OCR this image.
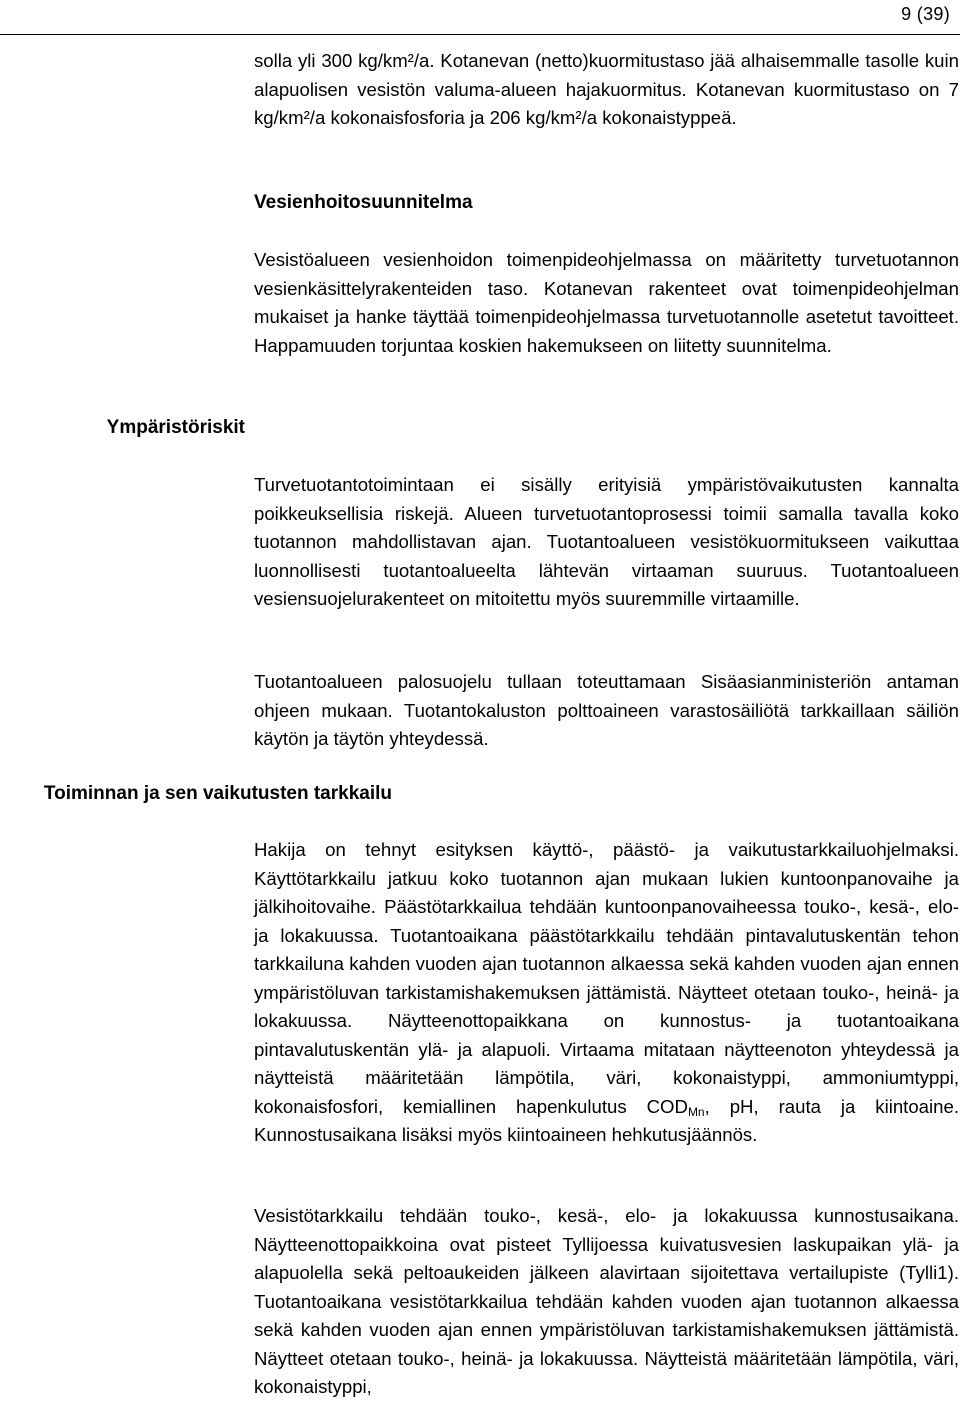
9 (39)

solla yli 300 kg/km²/a. Kotanevan (netto)kuormitustaso jää alhaisemmalle tasolle kuin alapuolisen vesistön valuma-alueen hajakuormitus. Kotanevan kuormitustaso on 7 kg/km²/a kokonaisfosforia ja 206 kg/km²/a kokonaistyppeä.

Vesienhoitosuunnitelma

Vesistöalueen vesienhoidon toimenpideohjelmassa on määritetty turvetuotannon vesienkäsittelyrakenteiden taso. Kotanevan rakenteet ovat toimenpideohjelman mukaiset ja hanke täyttää toimenpideohjelmassa turvetuotannolle asetetut tavoitteet. Happamuuden torjuntaa koskien hakemukseen on liitetty suunnitelma.

Ympäristöriskit

Turvetuotantotoimintaan ei sisälly erityisiä ympäristövaikutusten kannalta poikkeuksellisia riskejä. Alueen turvetuotantoprosessi toimii samalla tavalla koko tuotannon mahdollistavan ajan. Tuotantoalueen vesistökuormitukseen vaikuttaa luonnollisesti tuotantoalueelta lähtevän virtaaman suuruus. Tuotantoalueen vesiensuojelurakenteet on mitoitettu myös suuremmille virtaamille.

Tuotantoalueen palosuojelu tullaan toteuttamaan Sisäasianministeriön antaman ohjeen mukaan. Tuotantokaluston polttoaineen varastosäiliötä tarkkaillaan säiliön käytön ja täytön yhteydessä.

Toiminnan ja sen vaikutusten tarkkailu

Hakija on tehnyt esityksen käyttö-, päästö- ja vaikutustarkkailuohjelmaksi. Käyttötarkkailu jatkuu koko tuotannon ajan mukaan lukien kuntoonpanovaihe ja jälkihoitovaihe. Päästötarkkailua tehdään kuntoonpanovaiheessa touko-, kesä-, elo- ja lokakuussa. Tuotantoaikana päästötarkkailu tehdään pintavalutuskentän tehon tarkkailuna kahden vuoden ajan tuotannon alkaessa sekä kahden vuoden ajan ennen ympäristöluvan tarkistamishakemuksen jättämistä. Näytteet otetaan touko-, heinä- ja lokakuussa. Näytteenottopaikkana on kunnostus- ja tuotantoaikana pintavalutuskentän ylä- ja alapuoli. Virtaama mitataan näytteenoton yhteydessä ja näytteistä määritetään lämpötila, väri, kokonaistyppi, ammoniumtyppi, kokonaisfosfori, kemiallinen hapenkulutus $COD_{Mn}$, pH, rauta ja kiintoaine. Kunnostusaikana lisäksi myös kiintoaineen hehkutusjäännös.

Vesistötarkkailu tehdään touko-, kesä-, elo- ja lokakuussa kunnostusaikana. Näytteenottopaikkoina ovat pisteet Tyllijoessa kuivatusvesien laskupaikan ylä- ja alapuolella sekä peltoaukeiden jälkeen alavirtaan sijoitettava vertailupiste (Tylli1). Tuotantoaikana vesistötarkkailua tehdään kahden vuoden ajan tuotannon alkaessa sekä kahden vuoden ajan ennen ympäristöluvan tarkistamishakemuksen jättämistä. Näytteet otetaan touko-, heinä- ja lokakuussa. Näytteistä määritetään lämpötila, väri, kokonaistyppi,
